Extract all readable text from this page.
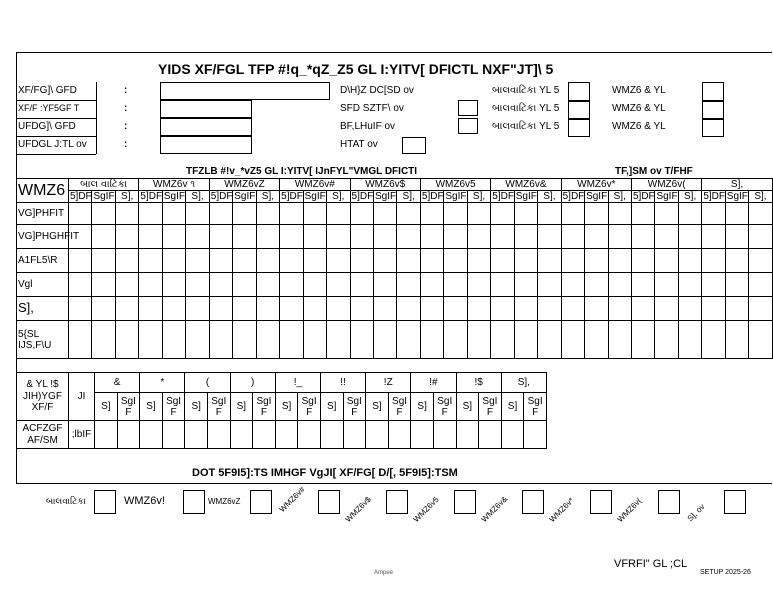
YIDS XF/FGL TFP #!q_*qZ_Z5 GL I:YITV[ DFICTL NXF"JT]\ 5
XF/FG]\ GFD	:
XF/F :YF5GF T	:
UFDG]\ GFD	:
UFDGL J:TL ov	:
D\H}Z DC[SD ov
SFD SZTF\ ov
BF,LHuIF ov
HTAT ov
બાલવાટિકા YL 5	WMZ6 & YL
બાલવાટિકા YL 5	WMZ6 & YL
બાલવાટિકા YL 5	WMZ6 & YL
TFZLB #!v_*vZ5 GL I:YITV[ IJnFYL"VMGL DFICTI	TF,]SM ov T/FHF
WMZ6	બાલ વાટિકા			WMZ6v ૧			WMZ6vZ			WMZ6v#			WMZ6v$			WMZ6v5			WMZ6v&			WMZ6v*			WMZ6v(			S],		
	5]DF	SgIF	S],	5]DF	SgIF	S],	5]DF	SgIF	S],	5]DF	SgIF	S],	5]DF	SgIF	S],	5]DF	SgIF	S],	5]DF	SgIF	S],	5]DF	SgIF	S],	5]DF	SgIF	S],	5]DF	SgIF	S],
VG]PHFIT																														
VG]PHGHFIT																														
A1FL5\R																														
Vgl																														
S],																														
5{SL IJS,F\U																														
& YL !$ JIH)YGF XF/F	JI	&		*		(		)		!_		!!		!Z		!#		!$		S],	
		S]	SgI F	S]	SgI F	S]	SgI F	S]	SgI F	S]	SgI F	S]	SgI F	S]	SgI F	S]	SgI F	S]	SgI F	S]	SgI F
ACFZGF AF/SM	;lbIF																				
DOT 5F9I5]:TS IMHGF VgJI[ XF/FG[ D/[, 5F9I5]:TSM
બાલવાટિકા	WMZ6v!	WMZ6vZ	WMZ6v#	WMZ6v$	WMZ6v5	WMZ6v&	WMZ6v*	WMZ6v(	S], ov
VFRFI" GL ;CL
Ampee	SETUP 2025-26
